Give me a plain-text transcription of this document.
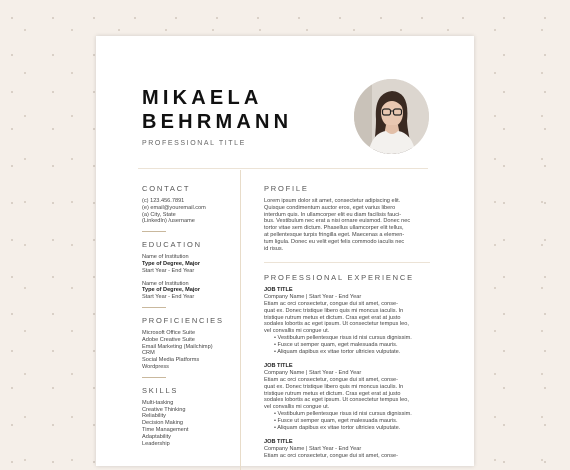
MIKAELA
BEHRMANN
PROFESSIONAL TITLE
CONTACT
(c) 123.456.7891
(e) email@youremail.com
(a) City, State
(LinkedIn) /username
EDUCATION
Name of Institution
Type of Degree, Major
Start Year - End Year
Name of Institution
Type of Degree, Major
Start Year - End Year
PROFICIENCIES
Microsoft Office Suite
Adobe Creative Suite
Email Marketing (Mailchimp)
CRM
Social Media Platforms
Wordpress
SKILLS
Multi-tasking
Creative Thinking
Reliability
Decision Making
Time Management
Adaptability
Leadership
PROFILE
Lorem ipsum dolor sit amet, consectetur adipiscing elit.
Quisque condimentum auctor eros, eget varius libero
interdum quis. In ullamcorper elit eu diam facilisis fauci-
bus. Vestibulum nec erat a nisi ornare euismod. Donec nec
tortor vitae sem dictum. Phasellus ullamcorper elit tellus,
at pellentesque turpis fringilla eget. Maecenas a elemen-
tum ligula. Donec eu velit eget felis commodo iaculis nec
id risus.
PROFESSIONAL EXPERIENCE
JOB TITLE
Company Name | Start Year - End Year
Etiam ac orci consectetur, congue dui sit amet, conse-
quat ex. Donec tristique libero quis mi moncus iaculis. In
tristique rutrum metus et dictum. Cras eget erat at justo
sodales lobortis ac eget ipsum. Ut consectetur tempus leo,
vel convallis mi congue ut.
• Vestibulum pellentesque risus id nisi cursus dignissim.
• Fusce ut semper quam, eget malesuada mauris.
• Aliquam dapibus ex vitae tortor ultricies vulputate.
JOB TITLE
Company Name | Start Year - End Year
Etiam ac orci consectetur, congue dui sit amet, conse-
quat ex. Donec tristique libero quis mi moncus iaculis. In
tristique rutrum metus et dictum. Cras eget erat at justo
sodales lobortis ac eget ipsum. Ut consectetur tempus leo,
vel convallis mi congue ut.
• Vestibulum pellentesque risus id nisi cursus dignissim.
• Fusce ut semper quam, eget malesuada mauris.
• Aliquam dapibus ex vitae tortor ultricies vulputate.
JOB TITLE
Company Name | Start Year - End Year
Etiam ac orci consectetur, congue dui sit amet, conse-
